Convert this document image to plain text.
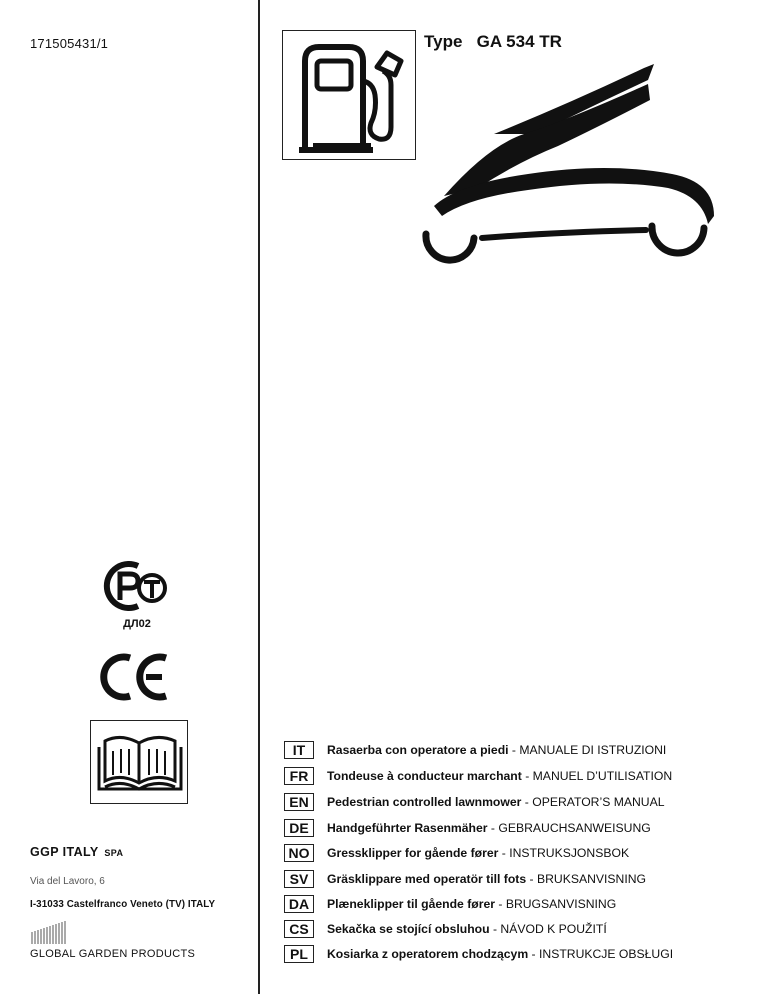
171505431/1	Type GA 534 TR
ДЛ02
GGP ITALY SPA
Via del Lavoro, 6
I-31033 Castelfranco Veneto (TV) ITALY
GLOBAL GARDEN PRODUCTS
IT	Rasaerba con operatore a piedi - MANUALE DI ISTRUZIONI
FR	Tondeuse à conducteur marchant - MANUEL D’UTILISATION
EN	Pedestrian controlled lawnmower - OPERATOR’S MANUAL
DE	Handgeführter Rasenmäher - GEBRAUCHSANWEISUNG
NO	Gressklipper for gående fører - INSTRUKSJONSBOK
SV	Gräsklippare med operatör till fots - BRUKSANVISNING
DA	Plæneklipper til gående fører - BRUGSANVISNING
CS	Sekačka se stojící obsluhou - NÁVOD K POUŽITÍ
PL	Kosiarka z operatorem chodzącym - INSTRUKCJE OBSŁUGI
